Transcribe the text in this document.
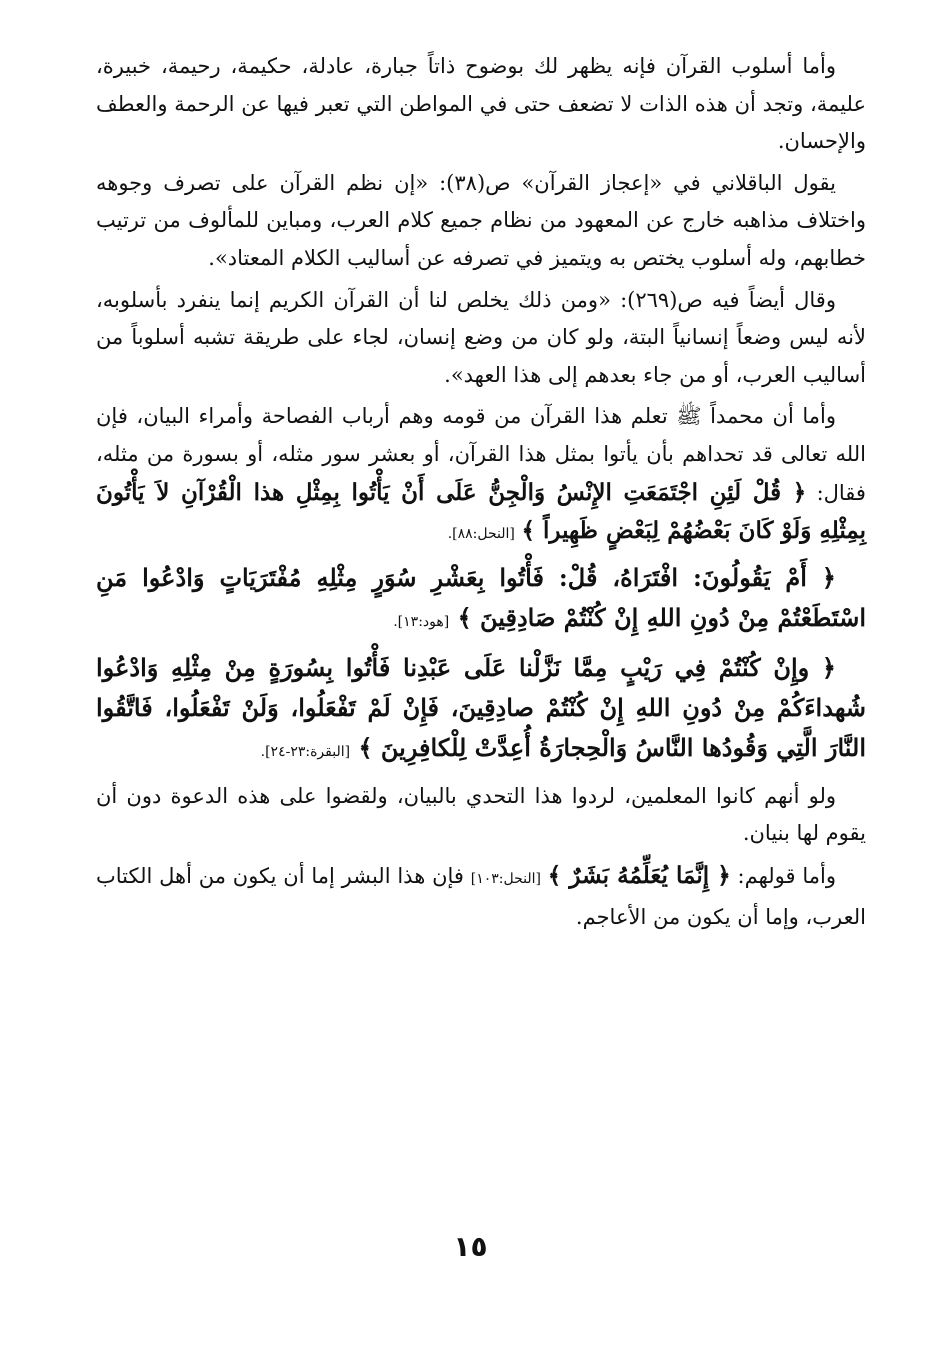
وأما أسلوب القرآن فإنه يظهر لك بوضوح ذاتاً جبارة، عادلة، حكيمة، رحيمة، خبيرة، عليمة، وتجد أن هذه الذات لا تضعف حتى في المواطن التي تعبر فيها عن الرحمة والعطف والإحسان.

يقول الباقلاني في «إعجاز القرآن» ص(٣٨): «إن نظم القرآن على تصرف وجوهه واختلاف مذاهبه خارج عن المعهود من نظام جميع كلام العرب، ومباين للمألوف من ترتيب خطابهم، وله أسلوب يختص به ويتميز في تصرفه عن أساليب الكلام المعتاد».

وقال أيضاً فيه ص(٢٦٩): «ومن ذلك يخلص لنا أن القرآن الكريم إنما ينفرد بأسلوبه، لأنه ليس وضعاً إنسانياً البتة، ولو كان من وضع إنسان، لجاء على طريقة تشبه أسلوباً من أساليب العرب، أو من جاء بعدهم إلى هذا العهد».

وأما أن محمداً ﷺ تعلم هذا القرآن من قومه وهم أرباب الفصاحة وأمراء البيان، فإن الله تعالى قد تحداهم بأن يأتوا بمثل هذا القرآن، أو بعشر سور مثله، أو بسورة من مثله، فقال: ﴿ قُلْ لَئِنِ اجْتَمَعَتِ الإِنْسُ وَالْجِنُّ عَلَى أَنْ يَأْتُوا بِمِثْلِ هذا الْقُرْآنِ لاَ يَأْتُونَ بِمِثْلِهِ وَلَوْ كَانَ بَعْضُهُمْ لِبَعْضٍ ظَهِيراً ﴾ [النحل:٨٨].

﴿ أَمْ يَقُولُونَ: افْتَرَاهُ، قُلْ: فَأْتُوا بِعَشْرِ سُوَرٍ مِثْلِهِ مُفْتَرَيَاتٍ وَادْعُوا مَنِ اسْتَطَعْتُمْ مِنْ دُونِ اللهِ إِنْ كُنْتُمْ صَادِقِينَ ﴾ [هود:١٣].

﴿ وإِنْ كُنْتُمْ فِي رَيْبٍ مِمَّا نَزَّلْنا عَلَى عَبْدِنا فَأْتُوا بِسُورَةٍ مِنْ مِثْلِهِ وَادْعُوا شُهداءَكُمْ مِنْ دُونِ اللهِ إِنْ كُنْتُمْ صادِقِينَ، فَإِنْ لَمْ تَفْعَلُوا، وَلَنْ تَفْعَلُوا، فَاتَّقُوا النَّارَ الَّتِي وَقُودُها النَّاسُ وَالْحِجارَةُ أُعِدَّتْ لِلْكافِرِينَ ﴾ [البقرة:٢٣-٢٤].

ولو أنهم كانوا المعلمين، لردوا هذا التحدي بالبيان، ولقضوا على هذه الدعوة دون أن يقوم لها بنيان.

وأما قولهم: ﴿ إِنَّمَا يُعَلِّمُهُ بَشَرٌ ﴾ [النحل:١٠٣] فإن هذا البشر إما أن يكون من أهل الكتاب العرب، وإما أن يكون من الأعاجم.

١٥
